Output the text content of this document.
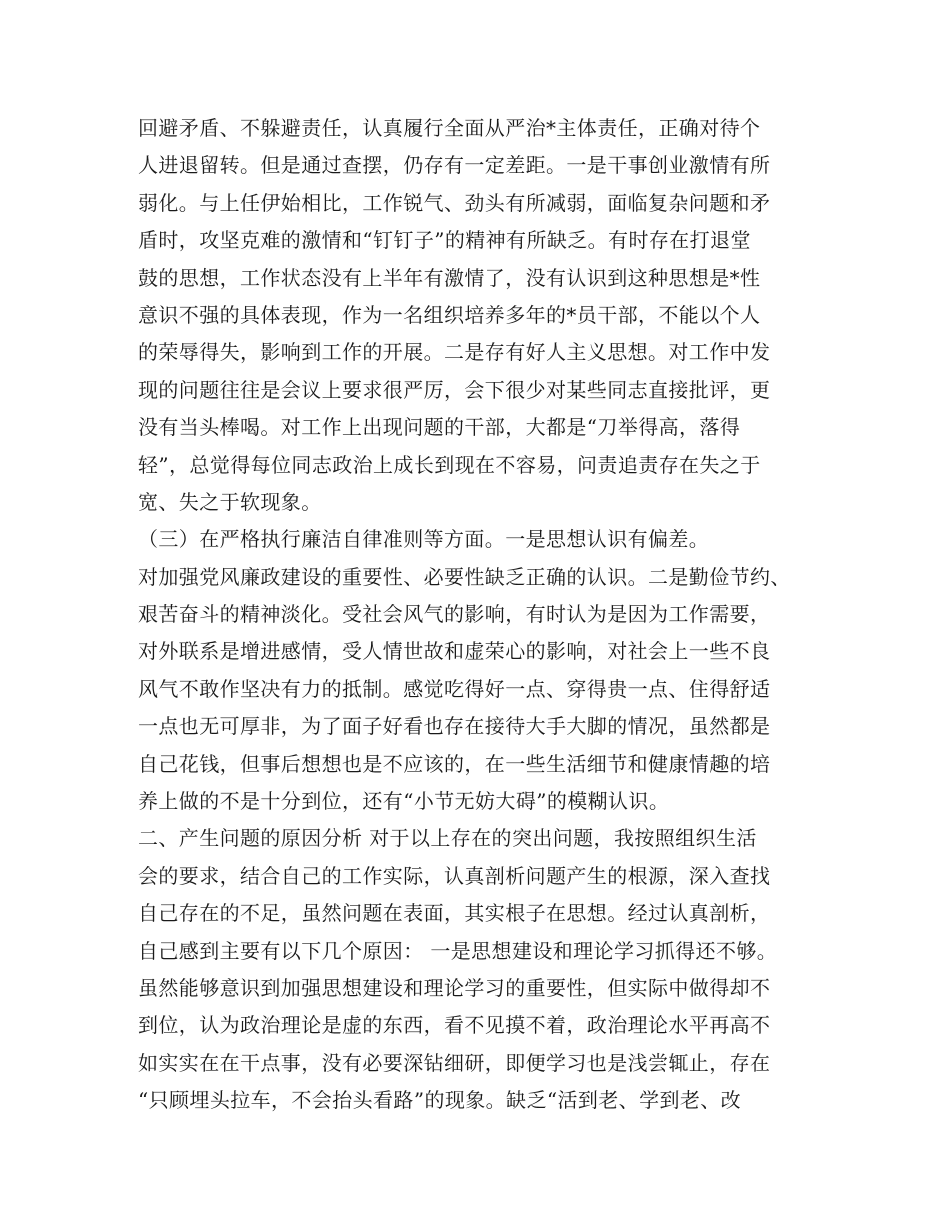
回避矛盾、不躲避责任，认真履行全面从严治*主体责任，正确对待个
人进退留转。但是通过查摆，仍存有一定差距。一是干事创业激情有所
弱化。与上任伊始相比，工作锐气、劲头有所减弱，面临复杂问题和矛
盾时，攻坚克难的激情和“钉钉子”的精神有所缺乏。有时存在打退堂
鼓的思想，工作状态没有上半年有激情了，没有认识到这种思想是*性
意识不强的具体表现，作为一名组织培养多年的*员干部，不能以个人
的荣辱得失，影响到工作的开展。二是存有好人主义思想。对工作中发
现的问题往往是会议上要求很严厉，会下很少对某些同志直接批评，更
没有当头棒喝。对工作上出现问题的干部，大都是“刀举得高，落得
轻”，总觉得每位同志政治上成长到现在不容易，问责追责存在失之于
宽、失之于软现象。
（三）在严格执行廉洁自律准则等方面。一是思想认识有偏差。
对加强党风廉政建设的重要性、必要性缺乏正确的认识。二是勤俭节约、
艰苦奋斗的精神淡化。受社会风气的影响，有时认为是因为工作需要，
对外联系是增进感情，受人情世故和虚荣心的影响，对社会上一些不良
风气不敢作坚决有力的抵制。感觉吃得好一点、穿得贵一点、住得舒适
一点也无可厚非，为了面子好看也存在接待大手大脚的情况，虽然都是
自己花钱，但事后想想也是不应该的，在一些生活细节和健康情趣的培
养上做的不是十分到位，还有“小节无妨大碍”的模糊认识。
二、产生问题的原因分析 对于以上存在的突出问题，我按照组织生活
会的要求，结合自己的工作实际，认真剖析问题产生的根源，深入查找
自己存在的不足，虽然问题在表面，其实根子在思想。经过认真剖析，
自己感到主要有以下几个原因： 一是思想建设和理论学习抓得还不够。
虽然能够意识到加强思想建设和理论学习的重要性，但实际中做得却不
到位，认为政治理论是虚的东西，看不见摸不着，政治理论水平再高不
如实实在在干点事，没有必要深钻细研，即便学习也是浅尝辄止，存在
“只顾埋头拉车，不会抬头看路”的现象。缺乏“活到老、学到老、改
